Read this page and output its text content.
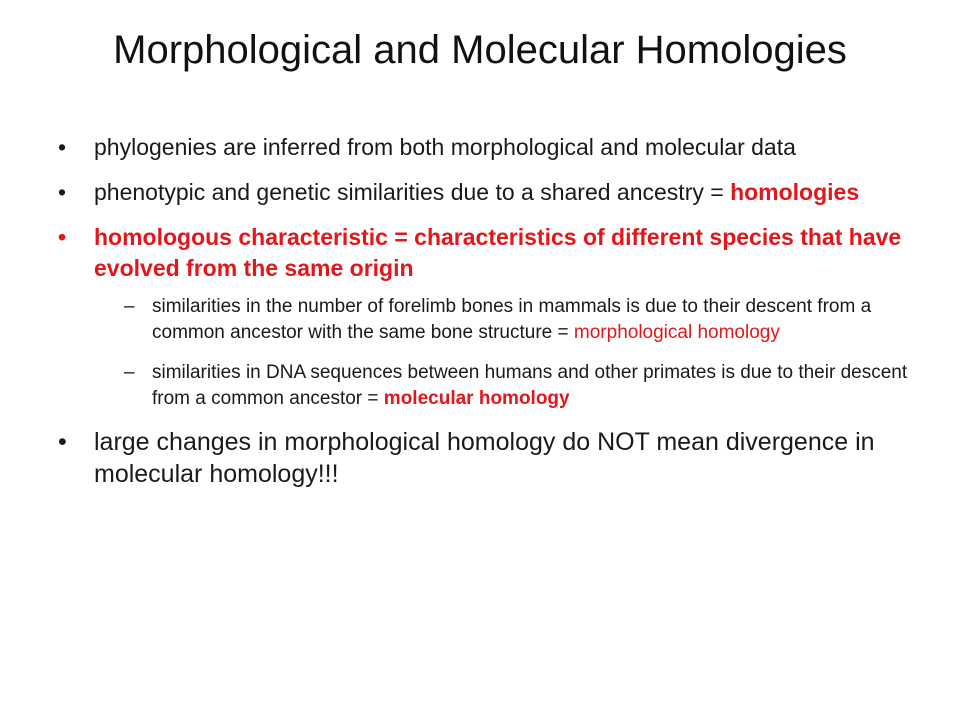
Morphological and Molecular Homologies
•	phylogenies are inferred from both morphological and molecular data
•	phenotypic and genetic similarities due to a shared ancestry = homologies
•	homologous characteristic = characteristics of different species that have evolved from the same origin
– similarities in the number of forelimb bones in mammals is due to their descent from a common ancestor with the same bone structure = morphological homology
– similarities in DNA sequences between humans and other primates is due to their descent from a common ancestor = molecular homology
•	large changes in morphological homology do NOT mean divergence in molecular homology!!!
